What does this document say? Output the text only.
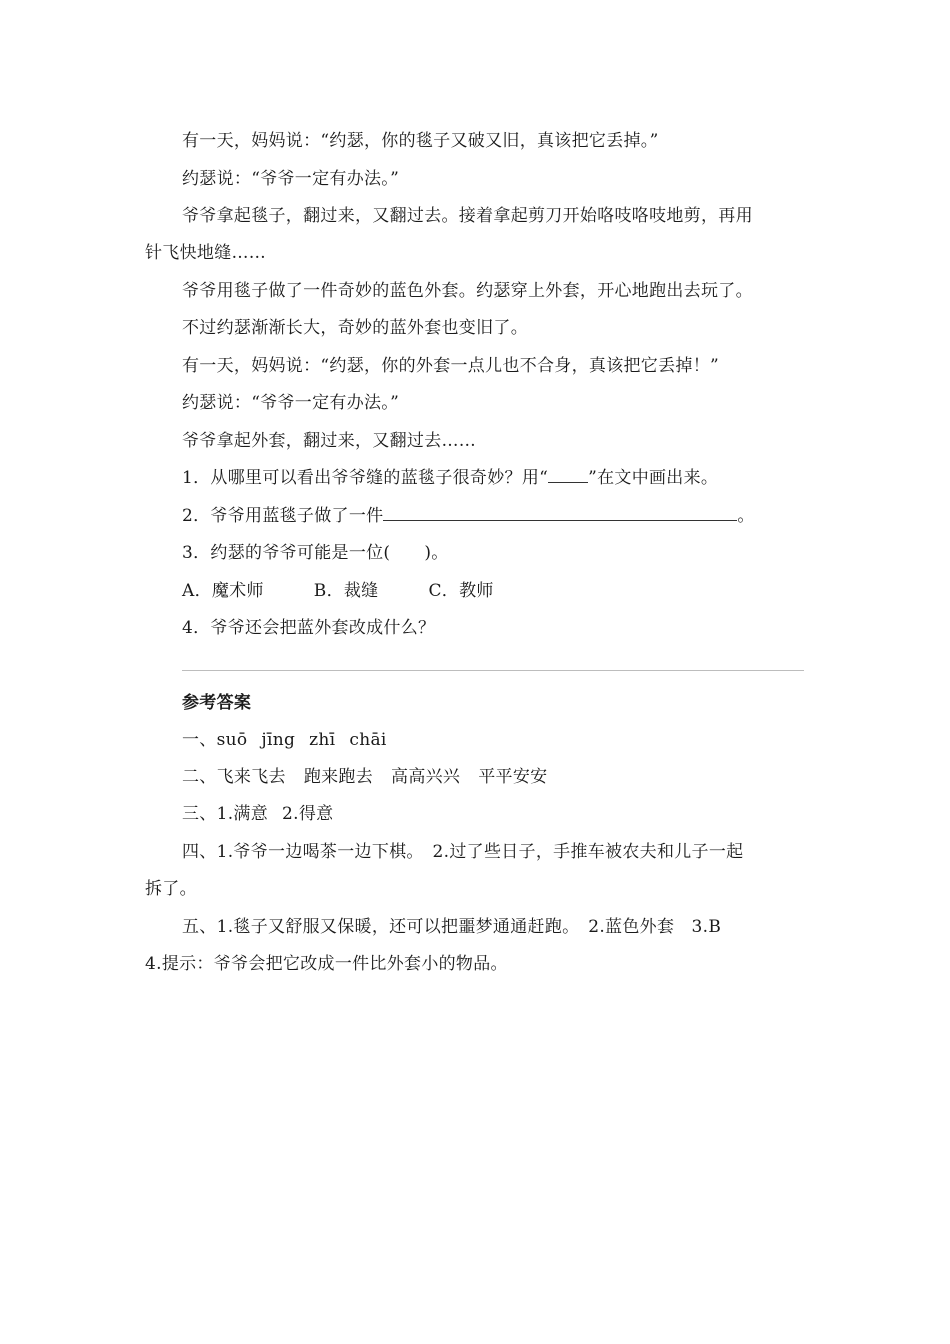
有一天，妈妈说：“约瑟，你的毯子又破又旧，真该把它丢掉。”
约瑟说：“爷爷一定有办法。”
爷爷拿起毯子，翻过来，又翻过去。接着拿起剪刀开始咯吱咯吱地剪，再用
针飞快地缝……
爷爷用毯子做了一件奇妙的蓝色外套。约瑟穿上外套，开心地跑出去玩了。
不过约瑟渐渐长大，奇妙的蓝外套也变旧了。
有一天，妈妈说：“约瑟，你的外套一点儿也不合身，真该把它丢掉！”
约瑟说：“爷爷一定有办法。”
爷爷拿起外套，翻过来，又翻过去……
1．从哪里可以看出爷爷缝的蓝毯子很奇妙？用“ ”在文中画出来。
2．爷爷用蓝毯子做了一件	。
3．约瑟的爷爷可能是一位( )。
A．魔术师	B．裁缝	C．教师
4．爷爷还会把蓝外套改成什么？
参考答案
一、suō jīng zhī chāi
二、飞来飞去 跑来跑去 高高兴兴 平平安安
三、1.满意 2.得意
四、1.爷爷一边喝茶一边下棋。　2.过了些日子，手推车被农夫和儿子一起
拆了。
五、1.毯子又舒服又保暖，还可以把噩梦通通赶跑。　2.蓝色外套　3.B
4.提示：爷爷会把它改成一件比外套小的物品。
